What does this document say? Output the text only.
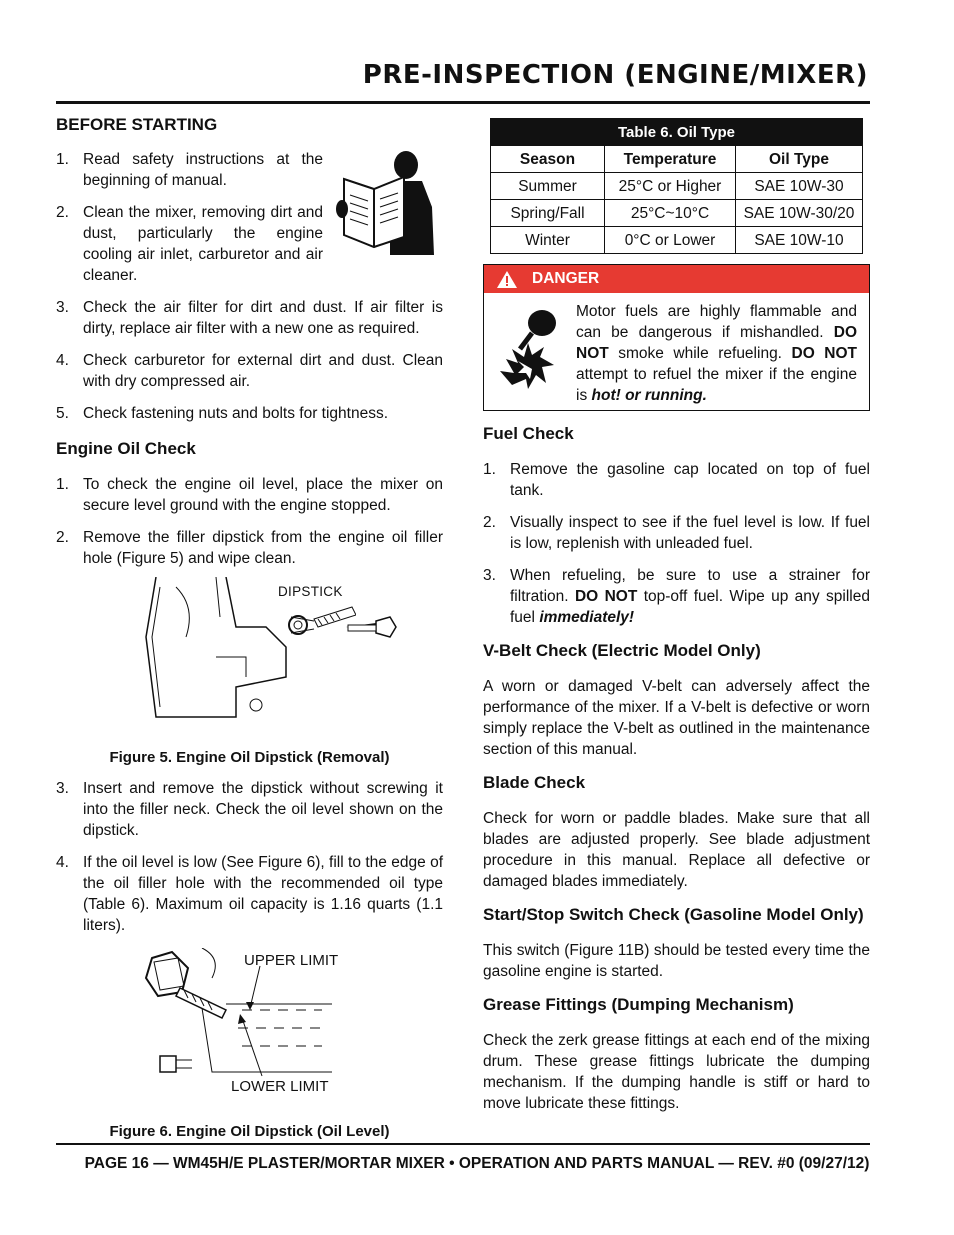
PRE-INSPECTION (ENGINE/MIXER)
BEFORE STARTING
1. Read safety instructions at the beginning of manual.
2. Clean the mixer, removing dirt and dust, particularly the engine cooling air inlet, carburetor and air cleaner.
3. Check the air filter for dirt and dust. If air filter is dirty, replace air filter with a new one as required.
4. Check carburetor for external dirt and dust. Clean with dry compressed air.
5. Check fastening nuts and bolts for tightness.
Engine Oil Check
1. To check the engine oil level, place the mixer on secure level ground with the engine stopped.
2. Remove the filler dipstick from the engine oil filler hole (Figure 5) and wipe clean.
DIPSTICK
Figure 5. Engine Oil Dipstick (Removal)
3. Insert and remove the dipstick without screwing it into the filler neck. Check the oil level shown on the dipstick.
4. If the oil level is low (See Figure 6), fill to the edge of the oil filler hole with the recommended oil type (Table 6). Maximum oil capacity is 1.16 quarts (1.1 liters).
UPPER LIMIT
LOWER LIMIT
Figure 6. Engine Oil Dipstick (Oil Level)
Table 6. Oil Type		
Season	Temperature	Oil Type
Summer	25°C or Higher	SAE 10W-30
Spring/Fall	25°C~10°C	SAE 10W-30/20
Winter	0°C or Lower	SAE 10W-10
DANGER
Motor fuels are highly flammable and can be dangerous if mishandled. DO NOT smoke while refueling. DO NOT attempt to refuel the mixer if the engine is hot! or running.
Fuel Check
1. Remove the gasoline cap located on top of fuel tank.
2. Visually inspect to see if the fuel level is low. If fuel is low, replenish with unleaded fuel.
3. When refueling, be sure to use a strainer for filtration. DO NOT top-off fuel. Wipe up any spilled fuel immediately!
V-Belt Check (Electric Model Only)

A worn or damaged V-belt can adversely affect the performance of the mixer. If a V-belt is defective or worn simply replace the V-belt as outlined in the maintenance section of this manual.

Blade Check

Check for worn or paddle blades. Make sure that all blades are adjusted properly. See blade adjustment procedure in this manual. Replace all defective or damaged blades immediately.

Start/Stop Switch Check (Gasoline Model Only)

This switch (Figure 11B) should be tested every time the gasoline engine is started.

Grease Fittings (Dumping Mechanism)

Check the zerk grease fittings at each end of the mixing drum. These grease fittings lubricate the dumping mechanism. If the dumping handle is stiff or hard to move lubricate these fittings.

PAGE 16 — WM45H/E PLASTER/MORTAR MIXER • OPERATION AND PARTS MANUAL — REV. #0 (09/27/12)
